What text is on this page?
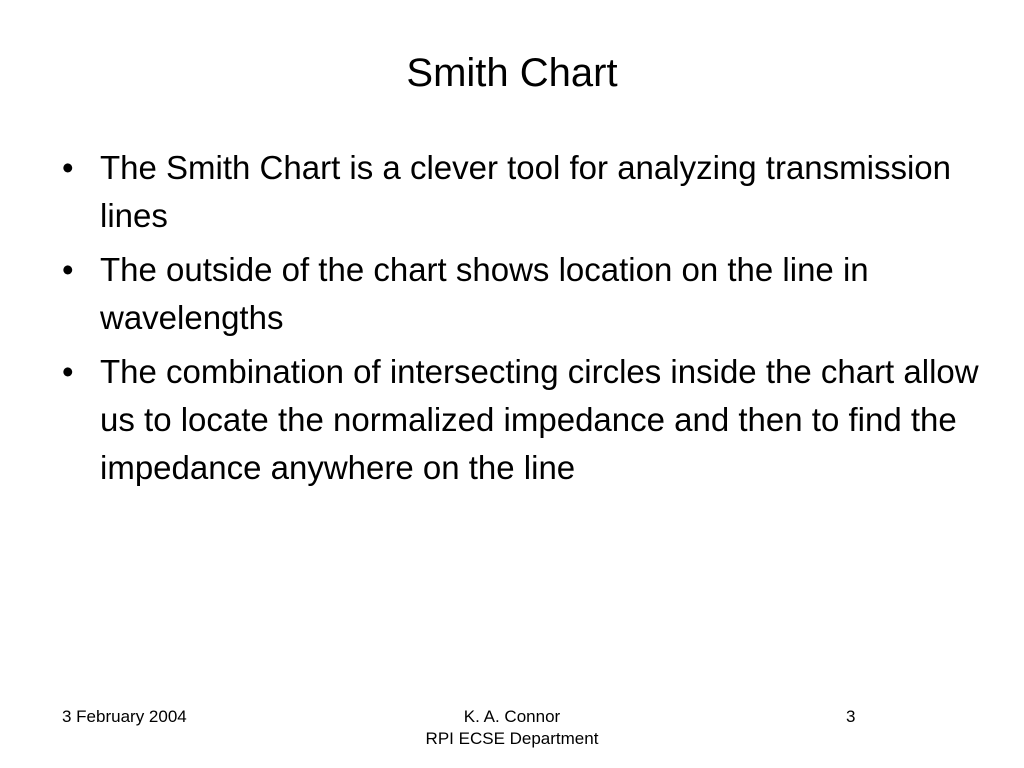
Smith Chart
• The Smith Chart is a clever tool for analyzing transmission lines
• The outside of the chart shows location on the line in wavelengths
• The combination of intersecting circles inside the chart allow us to locate the normalized impedance and then to find the impedance anywhere on the line
3 February 2004	K. A. Connor
RPI ECSE Department
3
